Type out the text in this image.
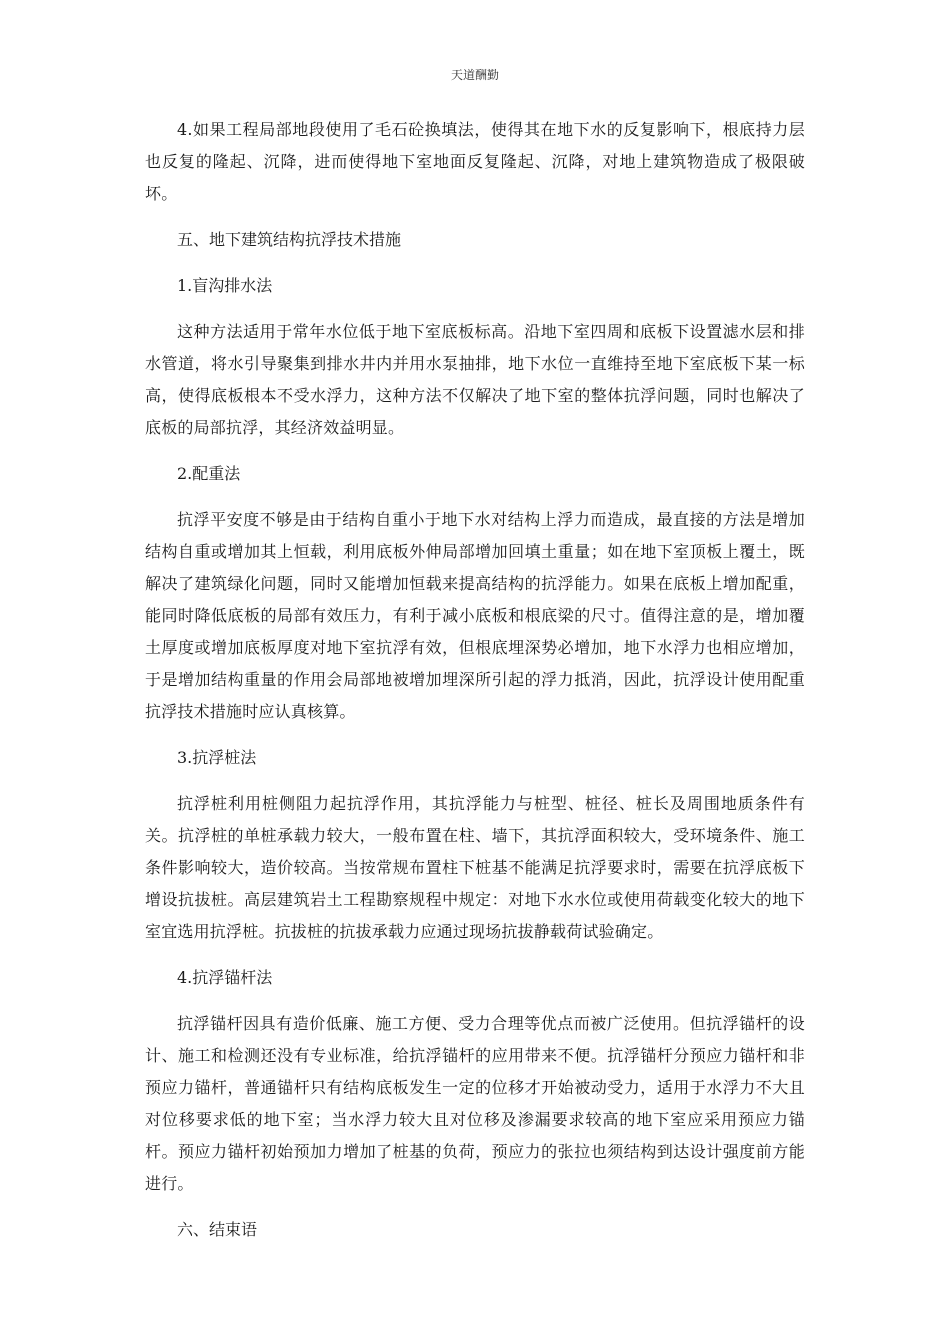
天道酬勤

4.如果工程局部地段使用了毛石砼换填法，使得其在地下水的反复影响下，根底持力层也反复的隆起、沉降，进而使得地下室地面反复隆起、沉降，对地上建筑物造成了极限破坏。

五、地下建筑结构抗浮技术措施

1.盲沟排水法

这种方法适用于常年水位低于地下室底板标高。沿地下室四周和底板下设置滤水层和排水管道，将水引导聚集到排水井内并用水泵抽排，地下水位一直维持至地下室底板下某一标高，使得底板根本不受水浮力，这种方法不仅解决了地下室的整体抗浮问题，同时也解决了底板的局部抗浮，其经济效益明显。

2.配重法

抗浮平安度不够是由于结构自重小于地下水对结构上浮力而造成，最直接的方法是增加结构自重或增加其上恒载，利用底板外伸局部增加回填土重量；如在地下室顶板上覆土，既解决了建筑绿化问题，同时又能增加恒载来提高结构的抗浮能力。如果在底板上增加配重，能同时降低底板的局部有效压力，有利于减小底板和根底梁的尺寸。值得注意的是，增加覆土厚度或增加底板厚度对地下室抗浮有效，但根底埋深势必增加，地下水浮力也相应增加，于是增加结构重量的作用会局部地被增加埋深所引起的浮力抵消，因此，抗浮设计使用配重抗浮技术措施时应认真核算。

3.抗浮桩法

抗浮桩利用桩侧阻力起抗浮作用，其抗浮能力与桩型、桩径、桩长及周围地质条件有关。抗浮桩的单桩承载力较大，一般布置在柱、墙下，其抗浮面积较大，受环境条件、施工条件影响较大，造价较高。当按常规布置柱下桩基不能满足抗浮要求时，需要在抗浮底板下增设抗拔桩。高层建筑岩土工程勘察规程中规定：对地下水水位或使用荷载变化较大的地下室宜选用抗浮桩。抗拔桩的抗拔承载力应通过现场抗拔静载荷试验确定。

4.抗浮锚杆法

抗浮锚杆因具有造价低廉、施工方便、受力合理等优点而被广泛使用。但抗浮锚杆的设计、施工和检测还没有专业标准，给抗浮锚杆的应用带来不便。抗浮锚杆分预应力锚杆和非预应力锚杆，普通锚杆只有结构底板发生一定的位移才开始被动受力，适用于水浮力不大且对位移要求低的地下室；当水浮力较大且对位移及渗漏要求较高的地下室应采用预应力锚杆。预应力锚杆初始预加力增加了桩基的负荷，预应力的张拉也须结构到达设计强度前方能进行。

六、结束语
